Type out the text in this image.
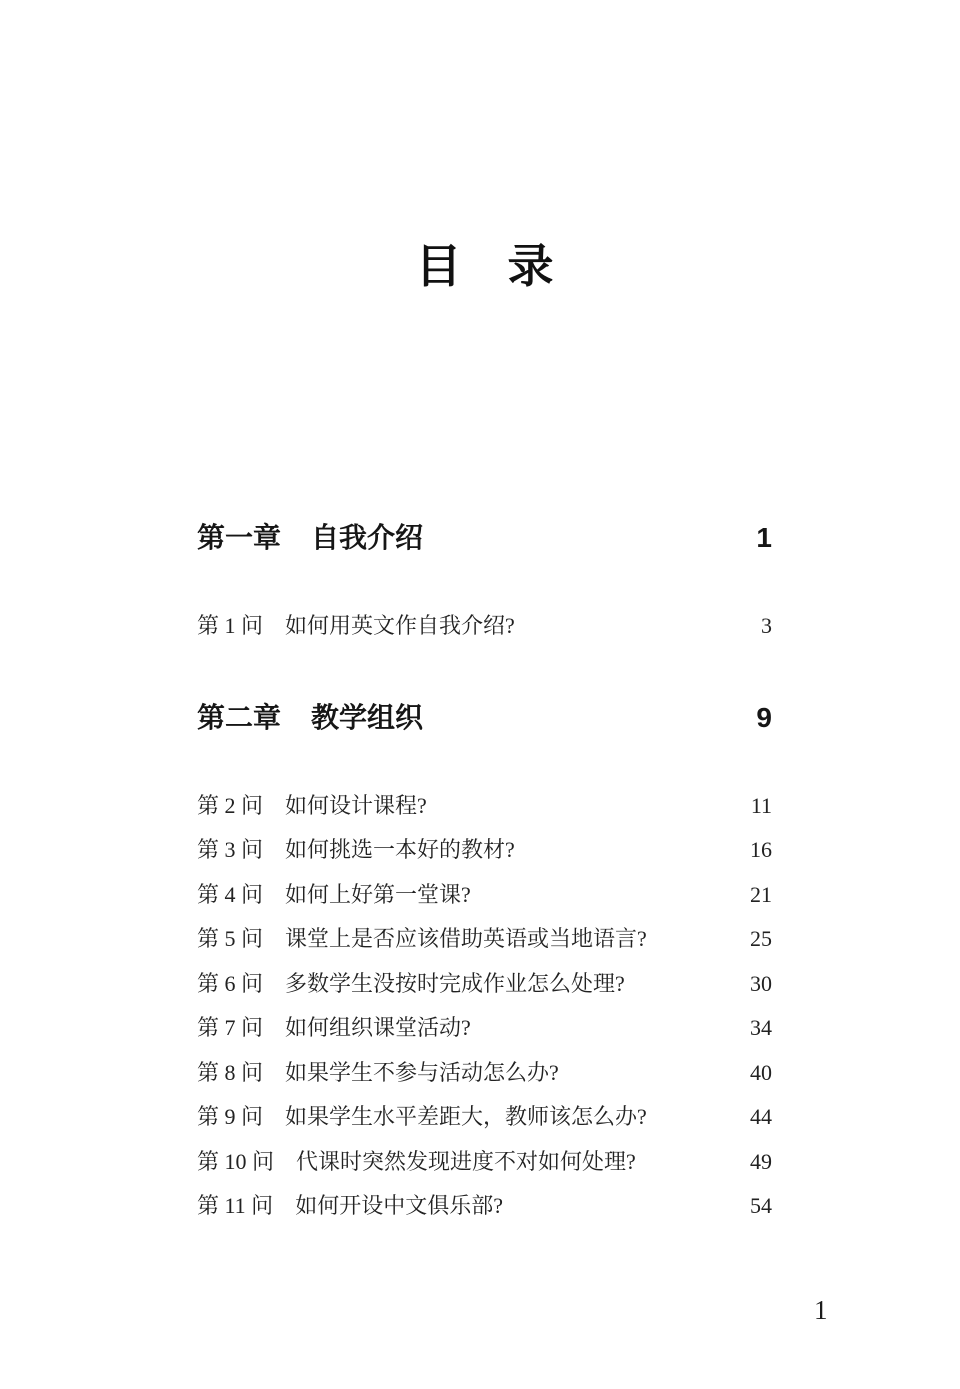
目　录
第一章 自我介绍	1
第 1 问 如何用英文作自我介绍?	3
第二章 教学组织	9
第 2 问 如何设计课程?	11
第 3 问 如何挑选一本好的教材?	16
第 4 问 如何上好第一堂课?	21
第 5 问 课堂上是否应该借助英语或当地语言?	25
第 6 问 多数学生没按时完成作业怎么处理?	30
第 7 问 如何组织课堂活动?	34
第 8 问 如果学生不参与活动怎么办?	40
第 9 问 如果学生水平差距大，教师该怎么办?	44
第 10 问 代课时突然发现进度不对如何处理?	49
第 11 问 如何开设中文俱乐部?	54
1
